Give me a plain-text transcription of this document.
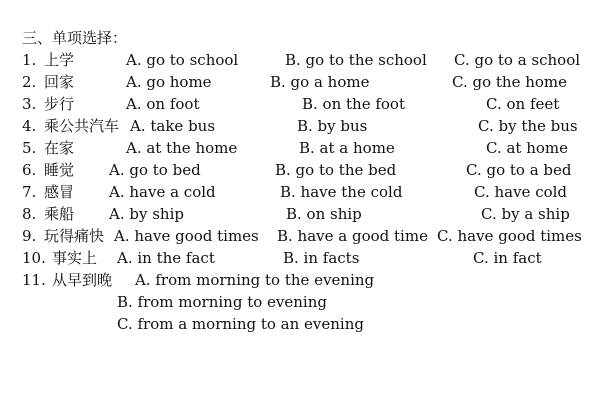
三、单项选择：
1. 上学	A. go to school	B. go to the school C. go to a school
2. 回家	A. go home	B. go a home	C. go the home
3. 步行	A. on foot	B. on the foot	C. on feet
4. 乘公共汽车 A. take bus	B. by bus	C. by the bus
5. 在家	A. at the home	B. at a home	C. at home
6. 睡觉 A. go to bed	B. go to the bed	C. go to a bed
7. 感冒 A. have a cold	B. have the cold	C. have cold
8. 乘船 A. by ship	B. on ship	C. by a ship
9. 玩得痛快 A. have good times B. have a good time C. have good times
10. 事实上 A. in the fact	B. in facts	C. in fact
11. 从早到晚 A. from morning to the evening
B. from morning to evening
C. from a morning to an evening
